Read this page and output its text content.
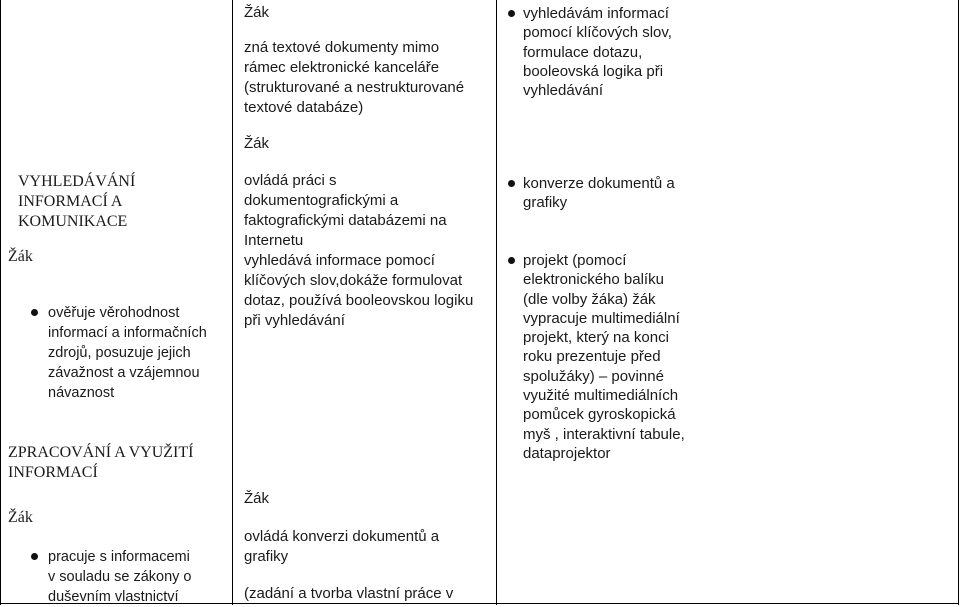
VYHLEDÁVÁNÍ

INFORMACÍ A

KOMUNIKACE

Žák

ověřuje věrohodnost

informací a informačních

zdrojů, posuzuje jejich

závažnost a vzájemnou

návaznost

ZPRACOVÁNÍ A VYUŽITÍ

INFORMACÍ

Žák

pracuje s informacemi

v souladu se zákony o

duševním vlastnictví

Žák

zná textové dokumenty mimo

rámec elektronické kanceláře

(strukturované a nestrukturované

textové databáze)

Žák

ovládá práci s

dokumentografickými a

faktografickými databázemi na

Internetu

vyhledává informace pomocí

klíčových slov,dokáže formulovat

dotaz, používá booleovskou logiku

při vyhledávání

Žák

ovládá konverzi dokumentů a

grafiky

(zadání a tvorba vlastní práce v

vyhledávám informací

pomocí klíčových slov,

formulace dotazu,

booleovská logika při

vyhledávání

konverze dokumentů a

grafiky

projekt (pomocí

elektronického balíku

(dle volby žáka) žák

vypracuje multimediální

projekt, který na konci

roku prezentuje před

spolužáky) – povinné

využité multimediálních

pomůcek gyroskopická

myš , interaktivní tabule,

dataprojektor
